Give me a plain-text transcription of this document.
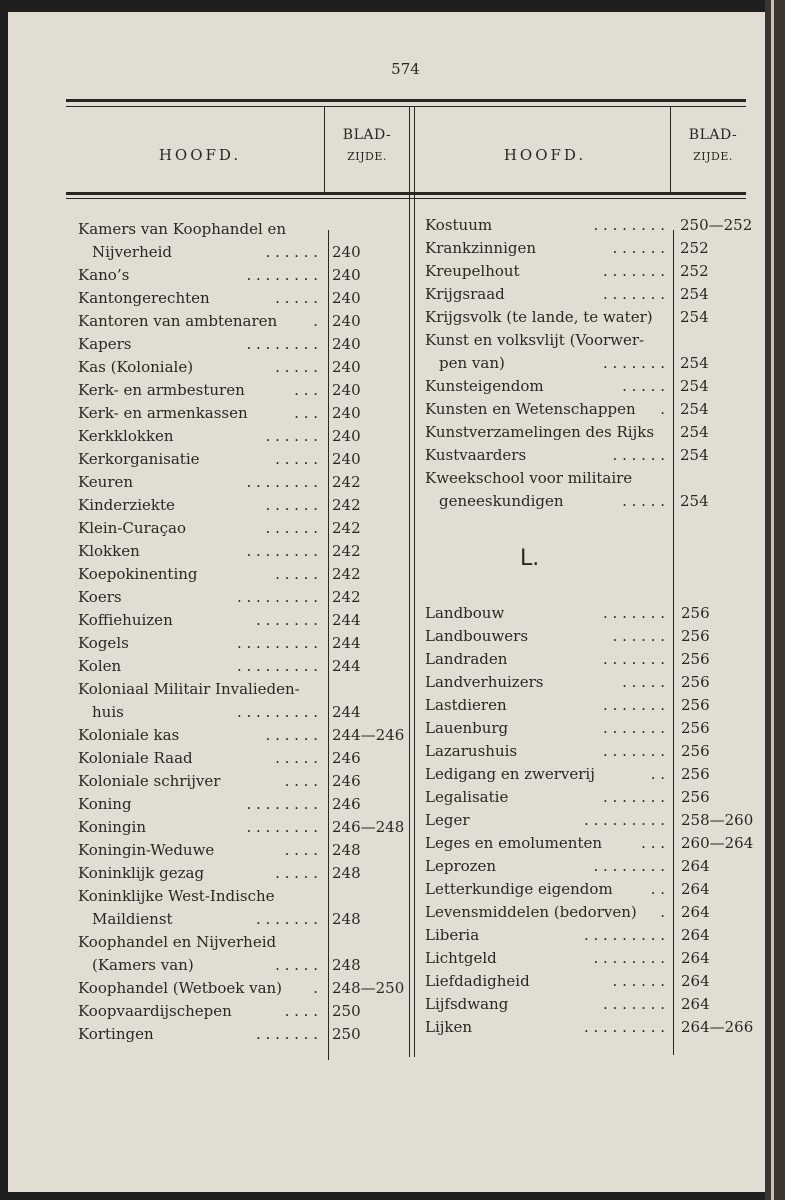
574
HOOFD.
BLAD-
ZIJDE.	HOOFD.
BLAD-
ZIJDE.
Kamers van Koophandel en
Nijverheid	. . . . . . 240
Kano’s	. . . . . . . . 240
Kantongerechten	. . . . . 240
Kantoren van ambtenaren . 240
Kapers	. . . . . . . . 240
Kas (Koloniale)	. . . . . 240
Kerk- en armbesturen	. . . 240
Kerk- en armenkassen	. . . 240
Kerkklokken	. . . . . . 240
Kerkorganisatie	. . . . . 240
Keuren	. . . . . . . . 242
Kinderziekte	. . . . . . 242
Klein-Curaçao	. . . . . . 242
Klokken	. . . . . . . . 242
Koepokinenting	. . . . . 242
Koers	. . . . . . . . . 242
Koffiehuizen	. . . . . . . 244
Kogels	. . . . . . . . . 244
Kolen	. . . . . . . . . 244
Koloniaal Militair Invalieden-
huis	. . . . . . . . . 244
Koloniale kas	. . . . . . 244—246
Koloniale Raad	. . . . . 246
Koloniale schrijver	. . . . 246
Koning	. . . . . . . . 246
Koningin	. . . . . . . . 246—248
Koningin-Weduwe	. . . . 248
Koninklijk gezag	. . . . . 248
Koninklijke West-Indische
Maildienst	. . . . . . . 248
Koophandel en Nijverheid
(Kamers van)	. . . . . 248
Koophandel (Wetboek van) . 248—250
Koopvaardijschepen	. . . . 250
Kortingen	. . . . . . . 250
Kostuum	. . . . . . . . 250—252
Krankzinnigen	. . . . . . 252
Kreupelhout	. . . . . . . 252
Krijgsraad	. . . . . . . 254
Krijgsvolk (te lande, te water) 254
Kunst en volksvlijt (Voorwer-
pen van)	. . . . . . . 254
Kunsteigendom	. . . . . 254
Kunsten en Wetenschappen . 254
Kunstverzamelingen des Rijks 254
Kustvaarders	. . . . . . 254
Kweekschool voor militaire
geneeskundigen	. . . . . 254
L.
Landbouw	. . . . . . . 256
Landbouwers	. . . . . . 256
Landraden	. . . . . . . 256
Landverhuizers	. . . . . 256
Lastdieren	. . . . . . . 256
Lauenburg	. . . . . . . 256
Lazarushuis	. . . . . . . 256
Ledigang en zwerverij	. . 256
Legalisatie	. . . . . . . 256
Leger	. . . . . . . . . 258—260
Leges en emolumenten	. . . 260—264
Leprozen	. . . . . . . . 264
Letterkundige eigendom	. . 264
Levensmiddelen (bedorven) . 264
Liberia	. . . . . . . . . 264
Lichtgeld	. . . . . . . . 264
Liefdadigheid	. . . . . . 264
Lijfsdwang	. . . . . . . 264
Lijken	. . . . . . . . . 264—266
